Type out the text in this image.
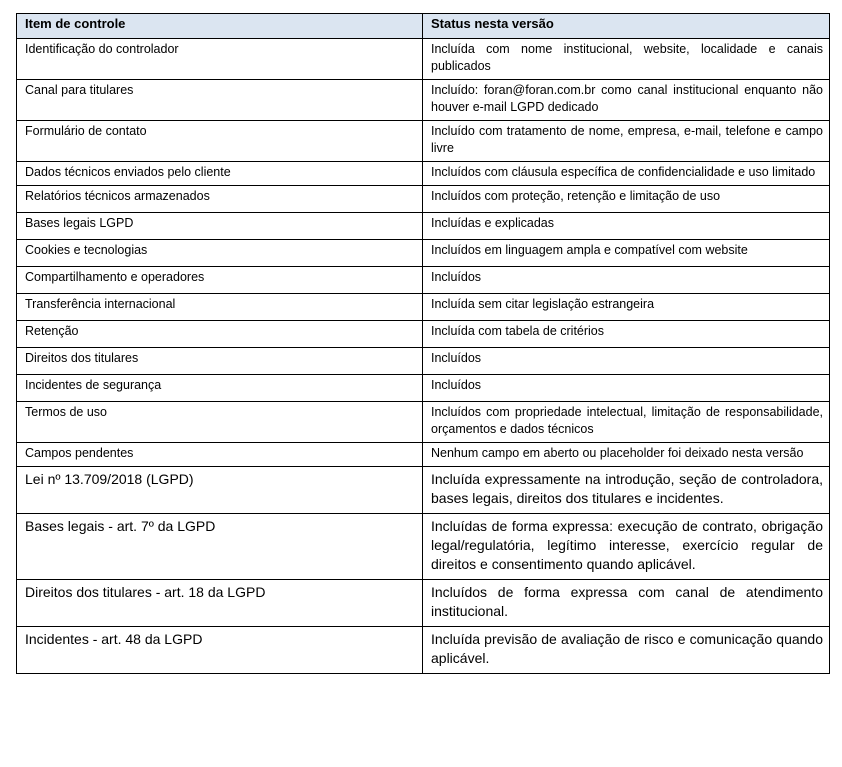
Item de controle	Status nesta versão
Identificação do controlador	Incluída com nome institucional, website, localidade e canais publicados
Canal para titulares	Incluído: foran@foran.com.br como canal institucional enquanto não houver e-mail LGPD dedicado
Formulário de contato	Incluído com tratamento de nome, empresa, e-mail, telefone e campo livre
Dados técnicos enviados pelo cliente	Incluídos com cláusula específica de confidencialidade e uso limitado
Relatórios técnicos armazenados	Incluídos com proteção, retenção e limitação de uso
Bases legais LGPD	Incluídas e explicadas
Cookies e tecnologias	Incluídos em linguagem ampla e compatível com website
Compartilhamento e operadores	Incluídos
Transferência internacional	Incluída sem citar legislação estrangeira
Retenção	Incluída com tabela de critérios
Direitos dos titulares	Incluídos
Incidentes de segurança	Incluídos
Termos de uso	Incluídos com propriedade intelectual, limitação de responsabilidade, orçamentos e dados técnicos
Campos pendentes	Nenhum campo em aberto ou placeholder foi deixado nesta versão
Lei nº 13.709/2018 (LGPD)	Incluída expressamente na introdução, seção de controladora, bases legais, direitos dos titulares e incidentes.
Bases legais - art. 7º da LGPD	Incluídas de forma expressa: execução de contrato, obrigação legal/regulatória, legítimo interesse, exercício regular de direitos e consentimento quando aplicável.
Direitos dos titulares - art. 18 da LGPD	Incluídos de forma expressa com canal de atendimento institucional.
Incidentes - art. 48 da LGPD	Incluída previsão de avaliação de risco e comunicação quando aplicável.
